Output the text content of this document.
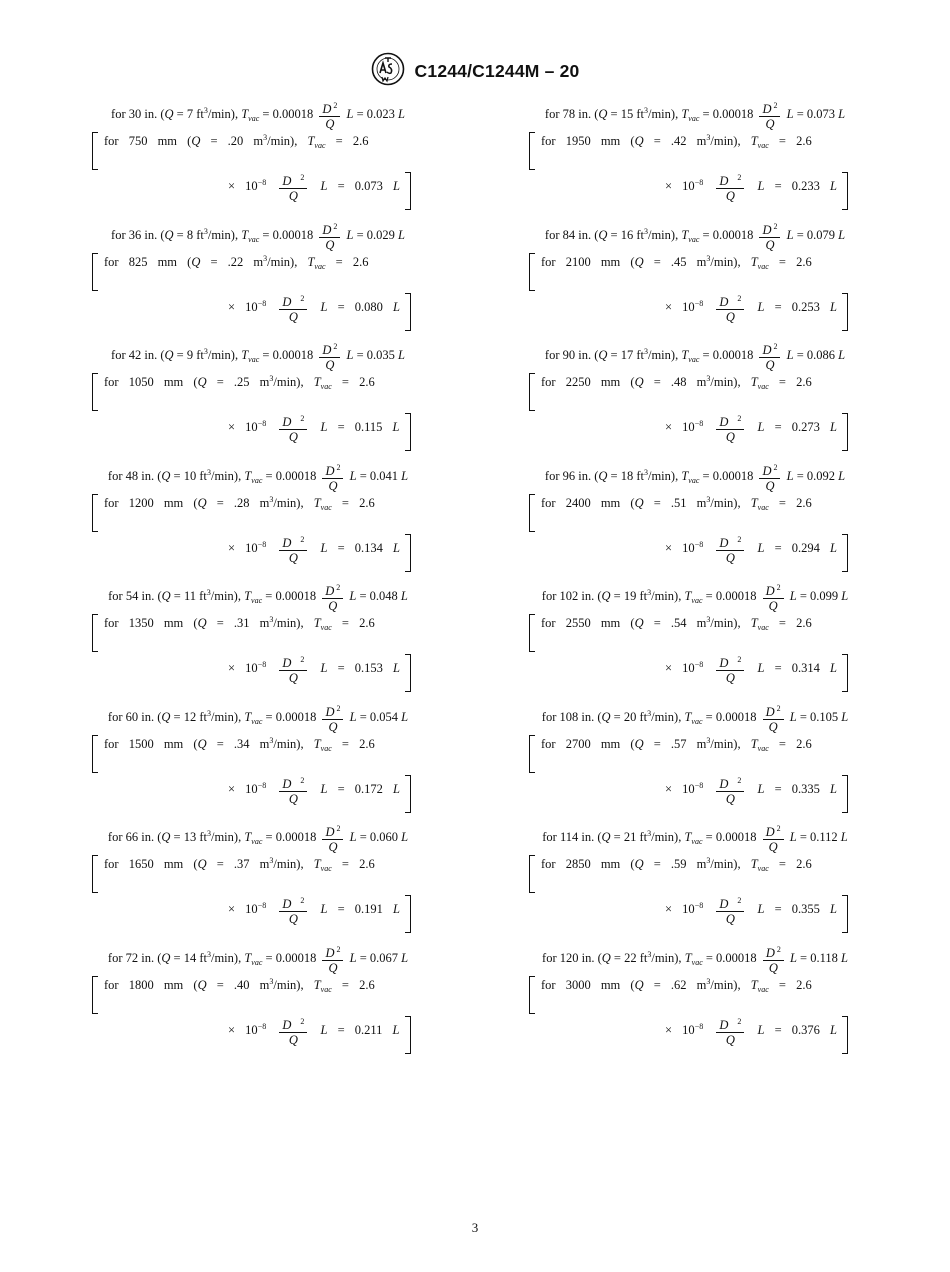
C1244/C1244M – 20
for 30 in. (Q = 7 $ft^3/\min$), $T_{vac} = 0.00018 \frac{D ^2}{Q}$ L = 0.023 L
for 750 mm (Q = .20 $m^3/\min$), $T_{vac} = 2.6$
× $10^{-8} \frac{D ^2}{Q}$ L = 0.073 L
for 36 in. (Q = 8 $ft^3/\min$), $T_{vac} = 0.00018 \frac{D ^2}{Q}$ L = 0.029 L
for 825 mm (Q = .22 $m^3/\min$), $T_{vac} = 2.6$
× $10^{-8} \frac{D ^2}{Q}$ L = 0.080 L
for 42 in. (Q = 9 $ft^3/\min$), $T_{vac} = 0.00018 \frac{D ^2}{Q}$ L = 0.035 L
for 1050 mm (Q = .25 $m^3/\min$), $T_{vac} = 2.6$
× $10^{-8} \frac{D ^2}{Q}$ L = 0.115 L
for 48 in. (Q = 10 $ft^3/\min$), $T_{vac} = 0.00018 \frac{D ^2}{Q}$ L = 0.041 L
for 1200 mm (Q = .28 $m^3/\min$), $T_{vac} = 2.6$
× $10^{-8} \frac{D ^2}{Q}$ L = 0.134 L
for 54 in. (Q = 11 $ft^3/\min$), $T_{vac} = 0.00018 \frac{D ^2}{Q}$ L = 0.048 L
for 1350 mm (Q = .31 $m^3/\min$), $T_{vac} = 2.6$
× $10^{-8} \frac{D ^2}{Q}$ L = 0.153 L
for 60 in. (Q = 12 $ft^3/\min$), $T_{vac} = 0.00018 \frac{D ^2}{Q}$ L = 0.054 L
for 1500 mm (Q = .34 $m^3/\min$), $T_{vac} = 2.6$
× $10^{-8} \frac{D ^2}{Q}$ L = 0.172 L
for 66 in. (Q = 13 $ft^3/\min$), $T_{vac} = 0.00018 \frac{D ^2}{Q}$ L = 0.060 L
for 1650 mm (Q = .37 $m^3/\min$), $T_{vac} = 2.6$
× $10^{-8} \frac{D ^2}{Q}$ L = 0.191 L
for 72 in. (Q = 14 $ft^3/\min$), $T_{vac} = 0.00018 \frac{D ^2}{Q}$ L = 0.067 L
for 1800 mm (Q = .40 $m^3/\min$), $T_{vac} = 2.6$
× $10^{-8} \frac{D ^2}{Q}$ L = 0.211 L
for 78 in. (Q = 15 $ft^3/\min$), $T_{vac} = 0.00018 \frac{D ^2}{Q}$ L = 0.073 L
for 1950 mm (Q = .42 $m^3/\min$), $T_{vac} = 2.6$
× $10^{-8} \frac{D ^2}{Q}$ L = 0.233 L
for 84 in. (Q = 16 $ft^3/\min$), $T_{vac} = 0.00018 \frac{D ^2}{Q}$ L = 0.079 L
for 2100 mm (Q = .45 $m^3/\min$), $T_{vac} = 2.6$
× $10^{-8} \frac{D ^2}{Q}$ L = 0.253 L
for 90 in. (Q = 17 $ft^3/\min$), $T_{vac} = 0.00018 \frac{D ^2}{Q}$ L = 0.086 L
for 2250 mm (Q = .48 $m^3/\min$), $T_{vac} = 2.6$
× $10^{-8} \frac{D ^2}{Q}$ L = 0.273 L
for 96 in. (Q = 18 $ft^3/\min$), $T_{vac} = 0.00018 \frac{D ^2}{Q}$ L = 0.092 L
for 2400 mm (Q = .51 $m^3/\min$), $T_{vac} = 2.6$
× $10^{-8} \frac{D ^2}{Q}$ L = 0.294 L
for 102 in. (Q = 19 $ft^3/\min$), $T_{vac} = 0.00018 \frac{D ^2}{Q}$ L = 0.099 L
for 2550 mm (Q = .54 $m^3/\min$), $T_{vac} = 2.6$
× $10^{-8} \frac{D ^2}{Q}$ L = 0.314 L
for 108 in. (Q = 20 $ft^3/\min$), $T_{vac} = 0.00018 \frac{D ^2}{Q}$ L = 0.105 L
for 2700 mm (Q = .57 $m^3/\min$), $T_{vac} = 2.6$
× $10^{-8} \frac{D ^2}{Q}$ L = 0.335 L
for 114 in. (Q = 21 $ft^3/\min$), $T_{vac} = 0.00018 \frac{D ^2}{Q}$ L = 0.112 L
for 2850 mm (Q = .59 $m^3/\min$), $T_{vac} = 2.6$
× $10^{-8} \frac{D ^2}{Q}$ L = 0.355 L
for 120 in. (Q = 22 $ft^3/\min$), $T_{vac} = 0.00018 \frac{D ^2}{Q}$ L = 0.118 L
for 3000 mm (Q = .62 $m^3/\min$), $T_{vac} = 2.6$
× $10^{-8} \frac{D ^2}{Q}$ L = 0.376 L
3
